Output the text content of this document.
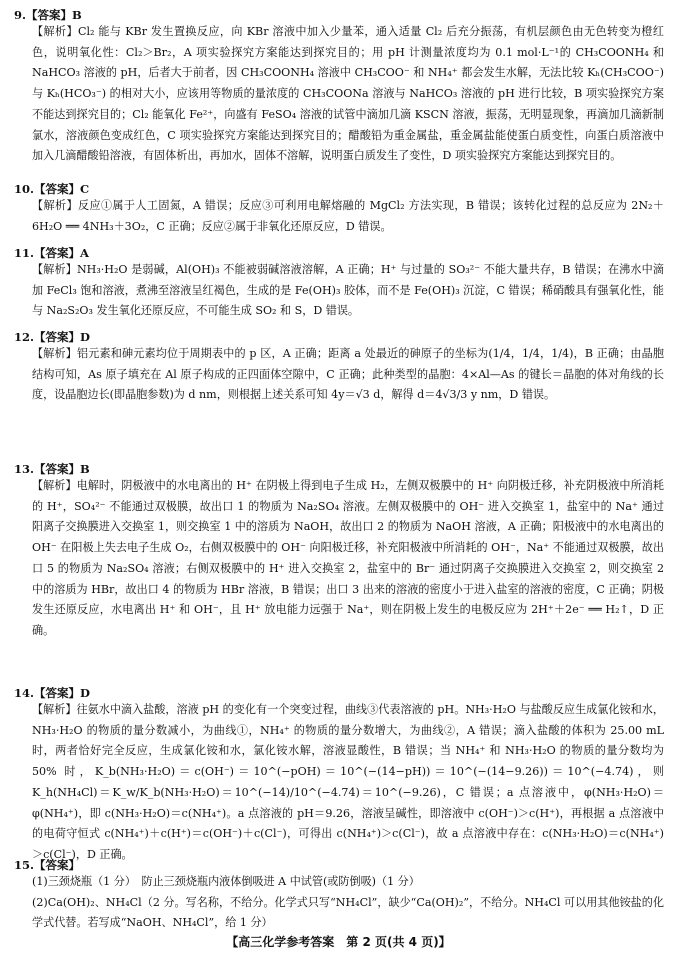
9.【答案】B
【解析】Cl₂ 能与 KBr 发生置换反应，向 KBr 溶液中加入少量苯，通入适量 Cl₂ 后充分振荡，有机层颜色由无色转变为橙红色，说明氧化性：Cl₂＞Br₂，A 项实验探究方案能达到探究目的；用 pH 计测量浓度均为 0.1 mol·L⁻¹的 CH₃COONH₄ 和 NaHCO₃ 溶液的 pH，后者大于前者，因 CH₃COONH₄ 溶液中 CH₃COO⁻ 和 NH₄⁺ 都会发生水解，无法比较 Kₕ(CH₃COO⁻) 与 Kₕ(HCO₃⁻) 的相对大小，应该用等物质的量浓度的 CH₃COONa 溶液与 NaHCO₃ 溶液的 pH 进行比较，B 项实验探究方案不能达到探究目的；Cl₂ 能氧化 Fe²⁺，向盛有 FeSO₄ 溶液的试管中滴加几滴 KSCN 溶液，振荡，无明显现象，再滴加几滴新制氯水，溶液颜色变成红色，C 项实验探究方案能达到探究目的；醋酸铅为重金属盐，重金属盐能使蛋白质变性，向蛋白质溶液中加入几滴醋酸铅溶液，有固体析出，再加水，固体不溶解，说明蛋白质发生了变性，D 项实验探究方案能达到探究目的。
10.【答案】C
【解析】反应①属于人工固氮，A 错误；反应③可利用电解熔融的 MgCl₂ 方法实现，B 错误；该转化过程的总反应为 2N₂＋6H₂O ══ 4NH₃＋3O₂，C 正确；反应②属于非氧化还原反应，D 错误。
11.【答案】A
【解析】NH₃·H₂O 是弱碱，Al(OH)₃ 不能被弱碱溶液溶解，A 正确；H⁺ 与过量的 SO₃²⁻ 不能大量共存，B 错误；在沸水中滴加 FeCl₃ 饱和溶液，煮沸至溶液呈红褐色，生成的是 Fe(OH)₃ 胶体，而不是 Fe(OH)₃ 沉淀，C 错误；稀硝酸具有强氧化性，能与 Na₂S₂O₃ 发生氧化还原反应，不可能生成 SO₂ 和 S，D 错误。
12.【答案】D
【解析】铝元素和砷元素均位于周期表中的 p 区，A 正确；距离 a 处最近的砷原子的坐标为(1/4，1/4，1/4)，B 正确；由晶胞结构可知，As 原子填充在 Al 原子构成的正四面体空隙中，C 正确；此种类型的晶胞：4×Al—As 的键长＝晶胞的体对角线的长度，设晶胞边长(即晶胞参数)为 d nm，则根据上述关系可知 4y＝√3 d，解得 d＝4√3/3 y nm，D 错误。
13.【答案】B
【解析】电解时，阴极液中的水电离出的 H⁺ 在阴极上得到电子生成 H₂，左侧双极膜中的 H⁺ 向阴极迁移，补充阴极液中所消耗的 H⁺，SO₄²⁻ 不能通过双极膜，故出口 1 的物质为 Na₂SO₄ 溶液。左侧双极膜中的 OH⁻ 进入交换室 1，盐室中的 Na⁺ 通过阳离子交换膜进入交换室 1，则交换室 1 中的溶质为 NaOH，故出口 2 的物质为 NaOH 溶液，A 正确；阳极液中的水电离出的 OH⁻ 在阳极上失去电子生成 O₂，右侧双极膜中的 OH⁻ 向阳极迁移，补充阳极液中所消耗的 OH⁻，Na⁺ 不能通过双极膜，故出口 5 的物质为 Na₂SO₄ 溶液；右侧双极膜中的 H⁺ 进入交换室 2，盐室中的 Br⁻ 通过阴离子交换膜进入交换室 2，则交换室 2 中的溶质为 HBr，故出口 4 的物质为 HBr 溶液，B 错误；出口 3 出来的溶液的密度小于进入盐室的溶液的密度，C 正确；阴极发生还原反应，水电离出 H⁺ 和 OH⁻，且 H⁺ 放电能力远强于 Na⁺，则在阴极上发生的电极反应为 2H⁺＋2e⁻ ══ H₂↑，D 正确。
14.【答案】D
【解析】往氨水中滴入盐酸，溶液 pH 的变化有一个突变过程，曲线③代表溶液的 pH。NH₃·H₂O 与盐酸反应生成氯化铵和水，NH₃·H₂O 的物质的量分数减小，为曲线①，NH₄⁺ 的物质的量分数增大，为曲线②，A 错误；滴入盐酸的体积为 25.00 mL 时，两者恰好完全反应，生成氯化铵和水，氯化铵水解，溶液显酸性，B 错误；当 NH₄⁺ 和 NH₃·H₂O 的物质的量分数均为 50% 时，K_b(NH₃·H₂O)＝c(OH⁻)＝10^(−pOH)＝10^(−(14−pH))＝10^(−(14−9.26))＝10^(−4.74)，则 K_h(NH₄Cl)＝K_w/K_b(NH₃·H₂O)＝10^(−14)/10^(−4.74)＝10^(−9.26)，C 错误；a 点溶液中，φ(NH₃·H₂O)＝φ(NH₄⁺)，即 c(NH₃·H₂O)＝c(NH₄⁺)。a 点溶液的 pH＝9.26，溶液呈碱性，即溶液中 c(OH⁻)＞c(H⁺)，再根据 a 点溶液中的电荷守恒式 c(NH₄⁺)＋c(H⁺)＝c(OH⁻)＋c(Cl⁻)，可得出 c(NH₄⁺)＞c(Cl⁻)，故 a 点溶液中存在：c(NH₃·H₂O)＝c(NH₄⁺)＞c(Cl⁻)，D 正确。
15.【答案】
(1)三颈烧瓶（1 分）　防止三颈烧瓶内液体倒吸进 A 中试管(或防倒吸)（1 分）
(2)Ca(OH)₂、NH₄Cl（2 分。写名称，不给分。化学式只写“NH₄Cl”，缺少“Ca(OH)₂”，不给分。NH₄Cl 可以用其他铵盐的化学式代替。若写成“NaOH、NH₄Cl”，给 1 分）
【高三化学参考答案　第 2 页(共 4 页)】
